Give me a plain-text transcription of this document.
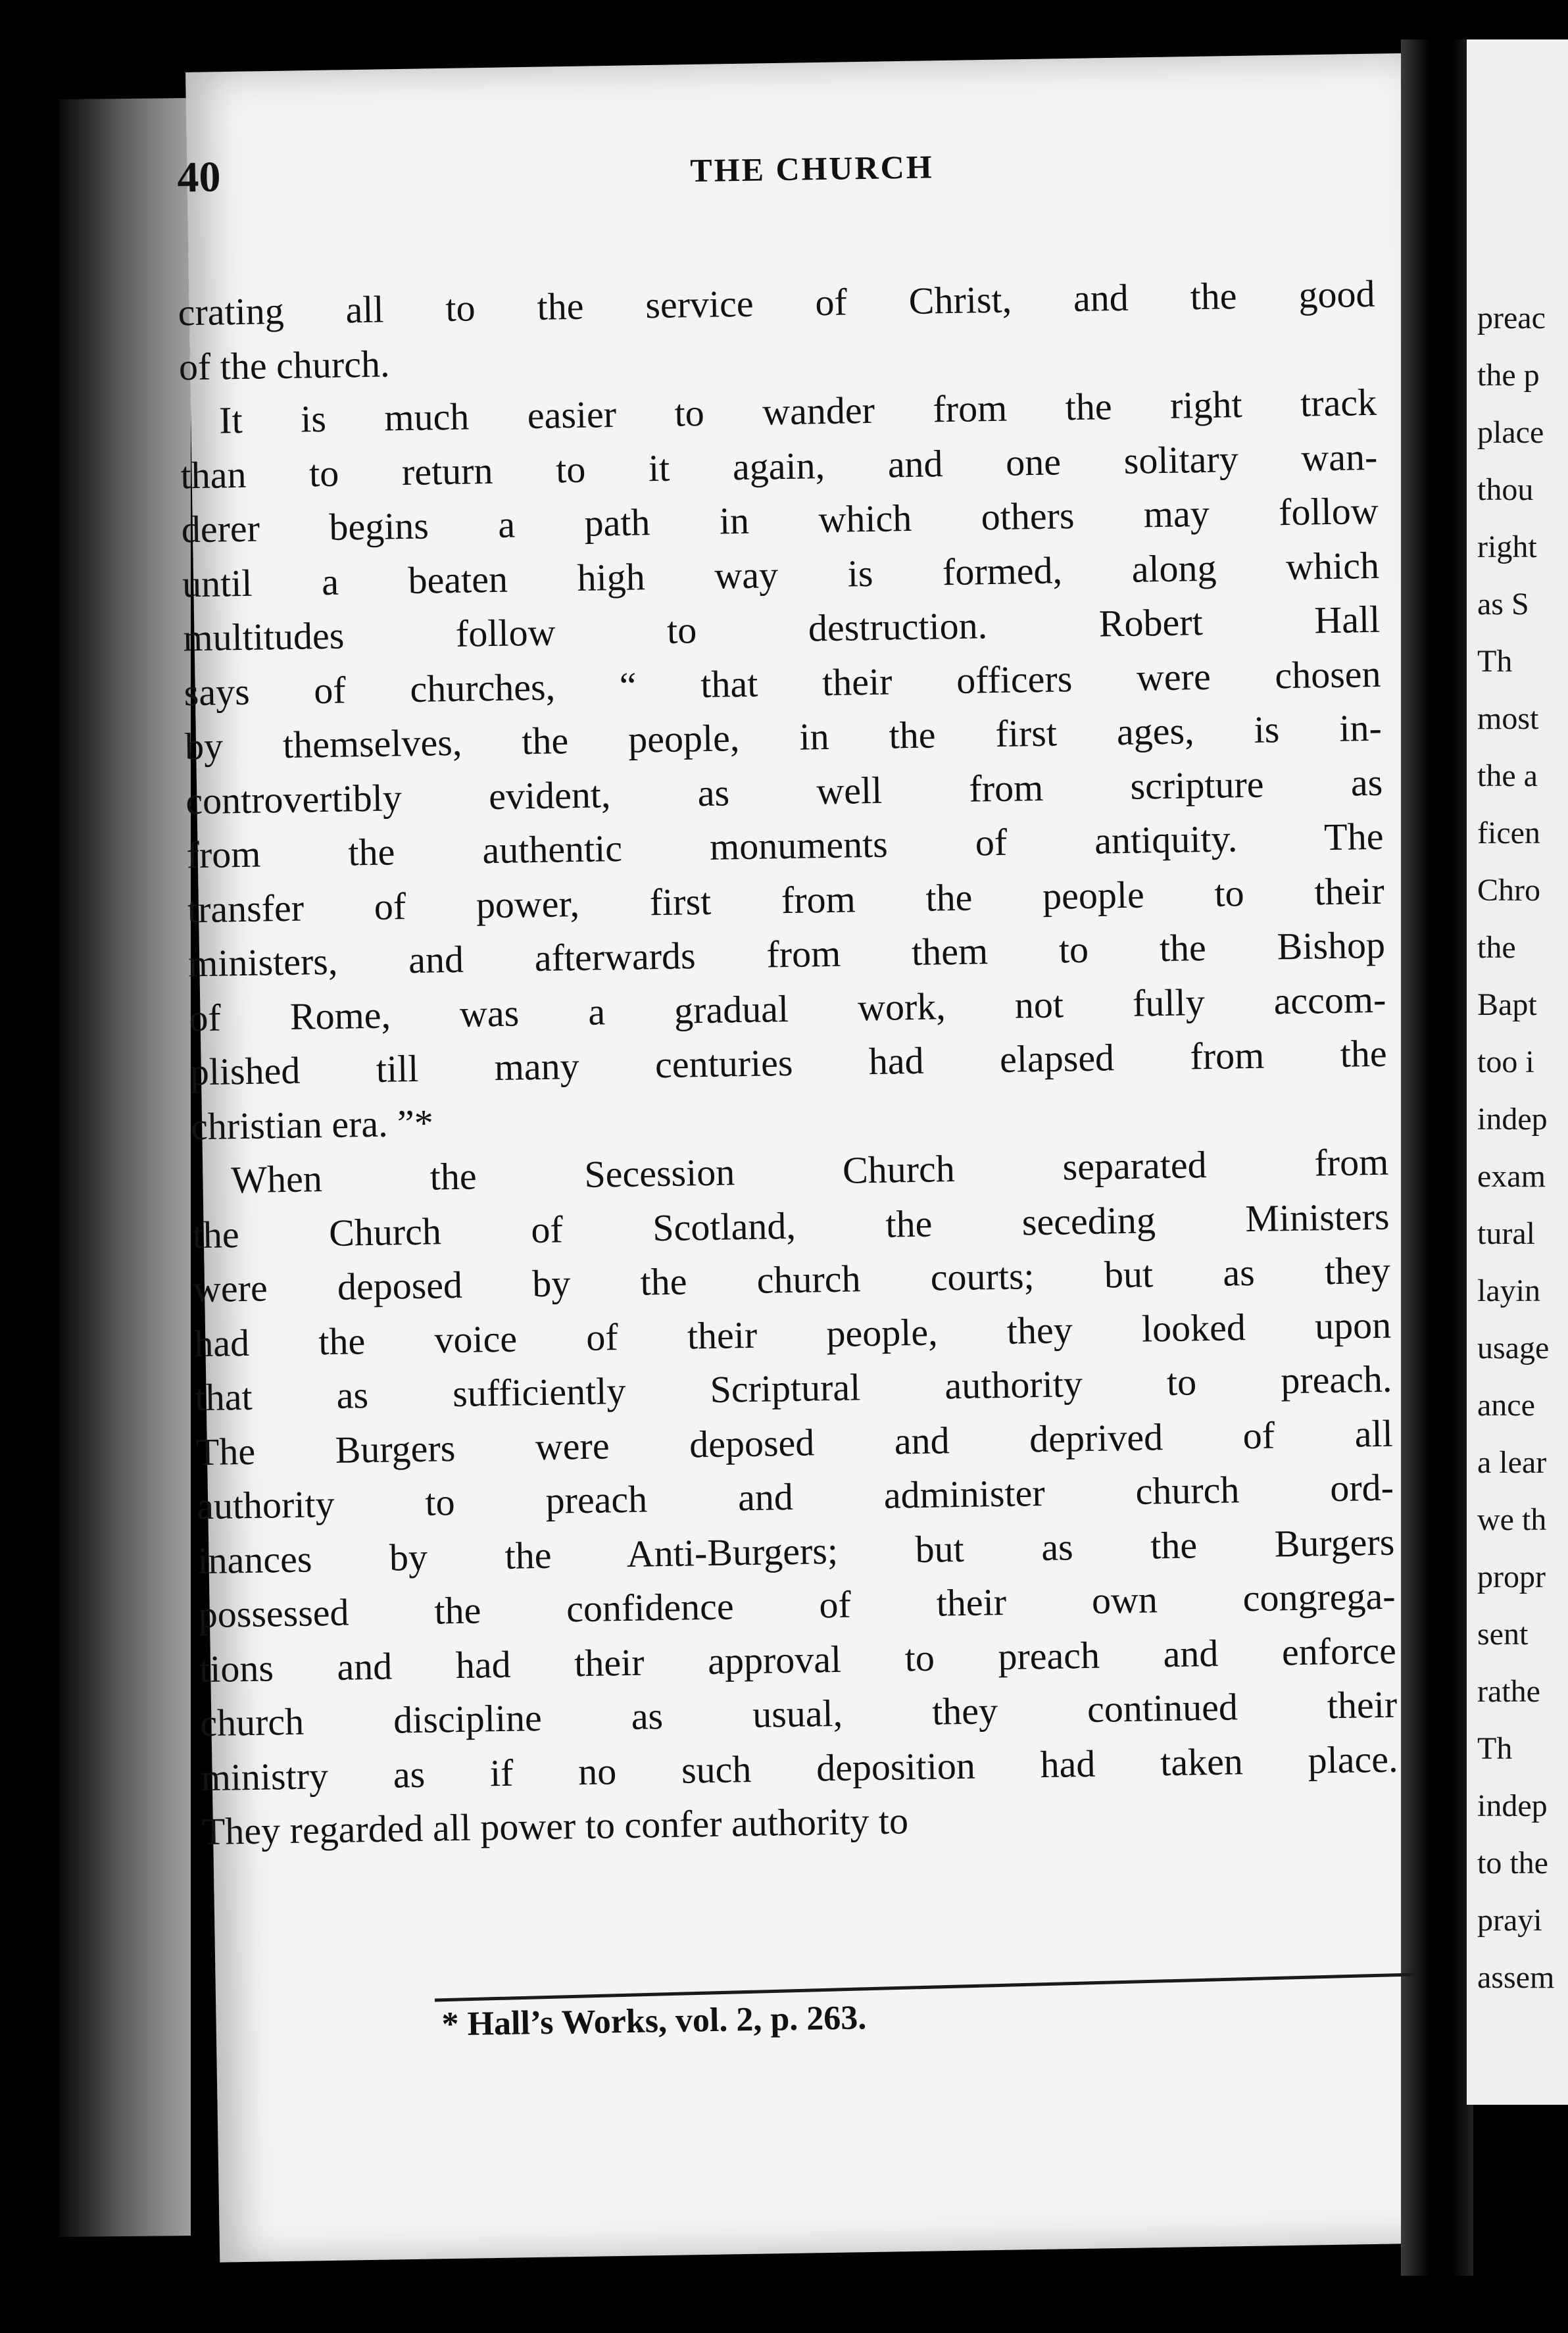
preac
the p
place
thou
right
as S
Th
most
the a
ficen
Chro
the
Bapt
too i
indep
exam
tural
layin
usage
ance
a lear
we th
propr
sent
rathe
Th
indep
to the
prayi
assem
40	THE CHURCH
crating all to the service of Christ, and the good
of the church.
It is much easier to wander from the right track
than to return to it again, and one solitary wan-
derer begins a path in which others may follow
until a beaten high way is formed, along which
multitudes follow to destruction. Robert Hall
says of churches, “ that their officers were chosen
by themselves, the people, in the first ages, is in-
controvertibly evident, as well from scripture as
from the authentic monuments of antiquity. The
transfer of power, first from the people to their
ministers, and afterwards from them to the Bishop
of Rome, was a gradual work, not fully accom-
plished till many centuries had elapsed from the
christian era. ”*
When the Secession Church separated from
the Church of Scotland, the seceding Ministers
were deposed by the church courts; but as they
had the voice of their people, they looked upon
that as sufficiently Scriptural authority to preach.
The Burgers were deposed and deprived of all
authority to preach and administer church ord-
inances by the Anti-Burgers; but as the Burgers
possessed the confidence of their own congrega-
tions and had their approval to preach and enforce
church discipline as usual, they continued their
ministry as if no such deposition had taken place.
They regarded all power to confer authority to
* Hall’s Works, vol. 2, p. 263.
